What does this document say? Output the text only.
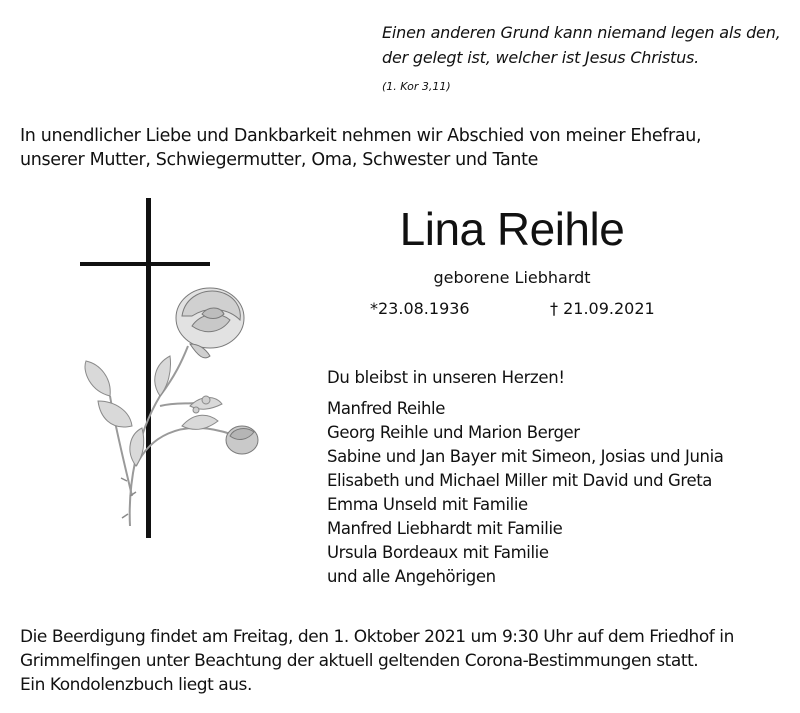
Einen anderen Grund kann niemand legen als den,
der gelegt ist, welcher ist Jesus Christus.
(1. Kor 3,11)
In unendlicher Liebe und Dankbarkeit nehmen wir Abschied von meiner Ehefrau,
unserer Mutter, Schwiegermutter, Oma, Schwester und Tante
Lina Reihle
geborene Liebhardt
*23.08.1936	† 21.09.2021
Du bleibst in unseren Herzen!
Manfred Reihle
Georg Reihle und Marion Berger
Sabine und Jan Bayer mit Simeon, Josias und Junia
Elisabeth und Michael Miller mit David und Greta
Emma Unseld mit Familie
Manfred Liebhardt mit Familie
Ursula Bordeaux mit Familie
und alle Angehörigen
Die Beerdigung findet am Freitag, den 1. Oktober 2021 um 9:30 Uhr auf dem Friedhof in
Grimmelfingen unter Beachtung der aktuell geltenden Corona-Bestimmungen statt.
Ein Kondolenzbuch liegt aus.
